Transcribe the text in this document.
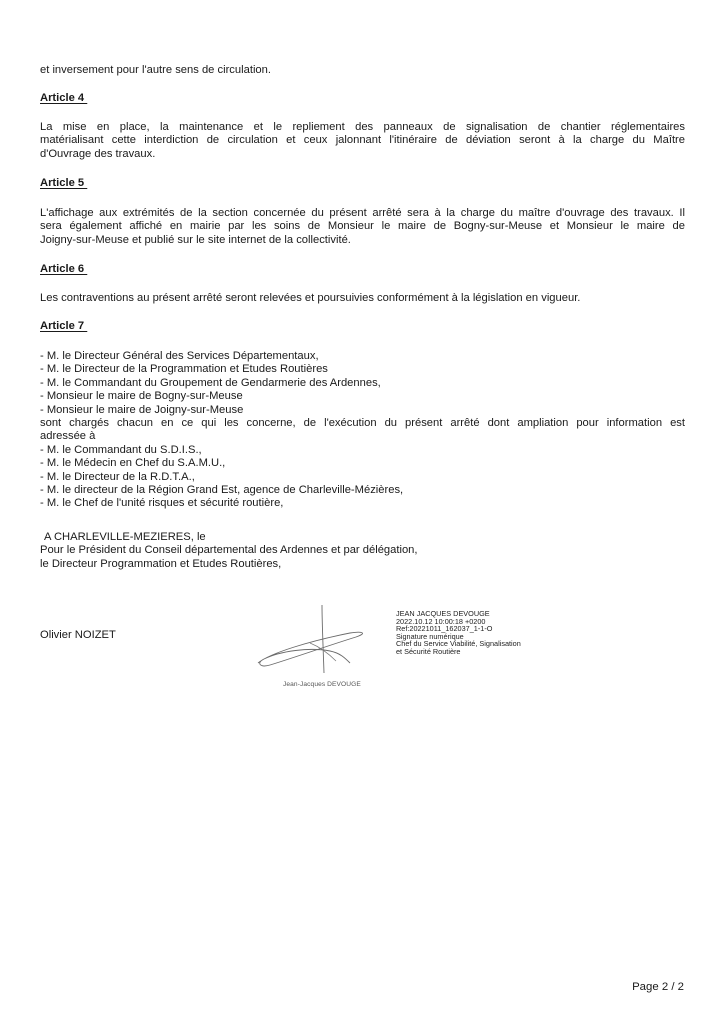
et inversement pour l'autre sens de circulation.
Article 4
La mise en place, la maintenance et le repliement des panneaux de signalisation de chantier réglementaires
matérialisant cette interdiction de circulation et ceux jalonnant l'itinéraire de déviation seront à la charge du Maître
d'Ouvrage des travaux.
Article 5
L'affichage aux extrémités de la section concernée du présent arrêté sera à la charge du maître d'ouvrage des travaux. Il
sera également affiché en mairie par les soins de Monsieur le maire de Bogny-sur-Meuse et Monsieur le maire de
Joigny-sur-Meuse et publié sur le site internet de la collectivité.
Article 6
Les contraventions au présent arrêté seront relevées et poursuivies conformément à la législation en vigueur.
Article 7
- M. le Directeur Général des Services Départementaux,
- M. le Directeur de la Programmation et Etudes Routières
- M. le Commandant du Groupement de Gendarmerie des Ardennes,
- Monsieur le maire de Bogny-sur-Meuse
- Monsieur le maire de Joigny-sur-Meuse
sont chargés chacun en ce qui les concerne, de l'exécution du présent arrêté dont ampliation pour information est
adressée à
- M. le Commandant du S.D.I.S.,
- M. le Médecin en Chef du S.A.M.U.,
- M. le Directeur de la R.D.T.A.,
- M. le directeur de la Région Grand Est, agence de Charleville-Mézières,
- M. le Chef de l'unité risques et sécurité routière,
A CHARLEVILLE-MEZIERES, le
Pour le Président du Conseil départemental des Ardennes et par délégation,
le Directeur Programmation et Etudes Routières,
Olivier NOIZET
Jean-Jacques DEVOUGE
JEAN JACQUES DEVOUGE
2022.10.12 10:00:18 +0200
Ref:20221011_162037_1-1-O
Signature numérique
Chef du Service Viabilité, Signalisation
et Sécurité Routière
Page 2 / 2
